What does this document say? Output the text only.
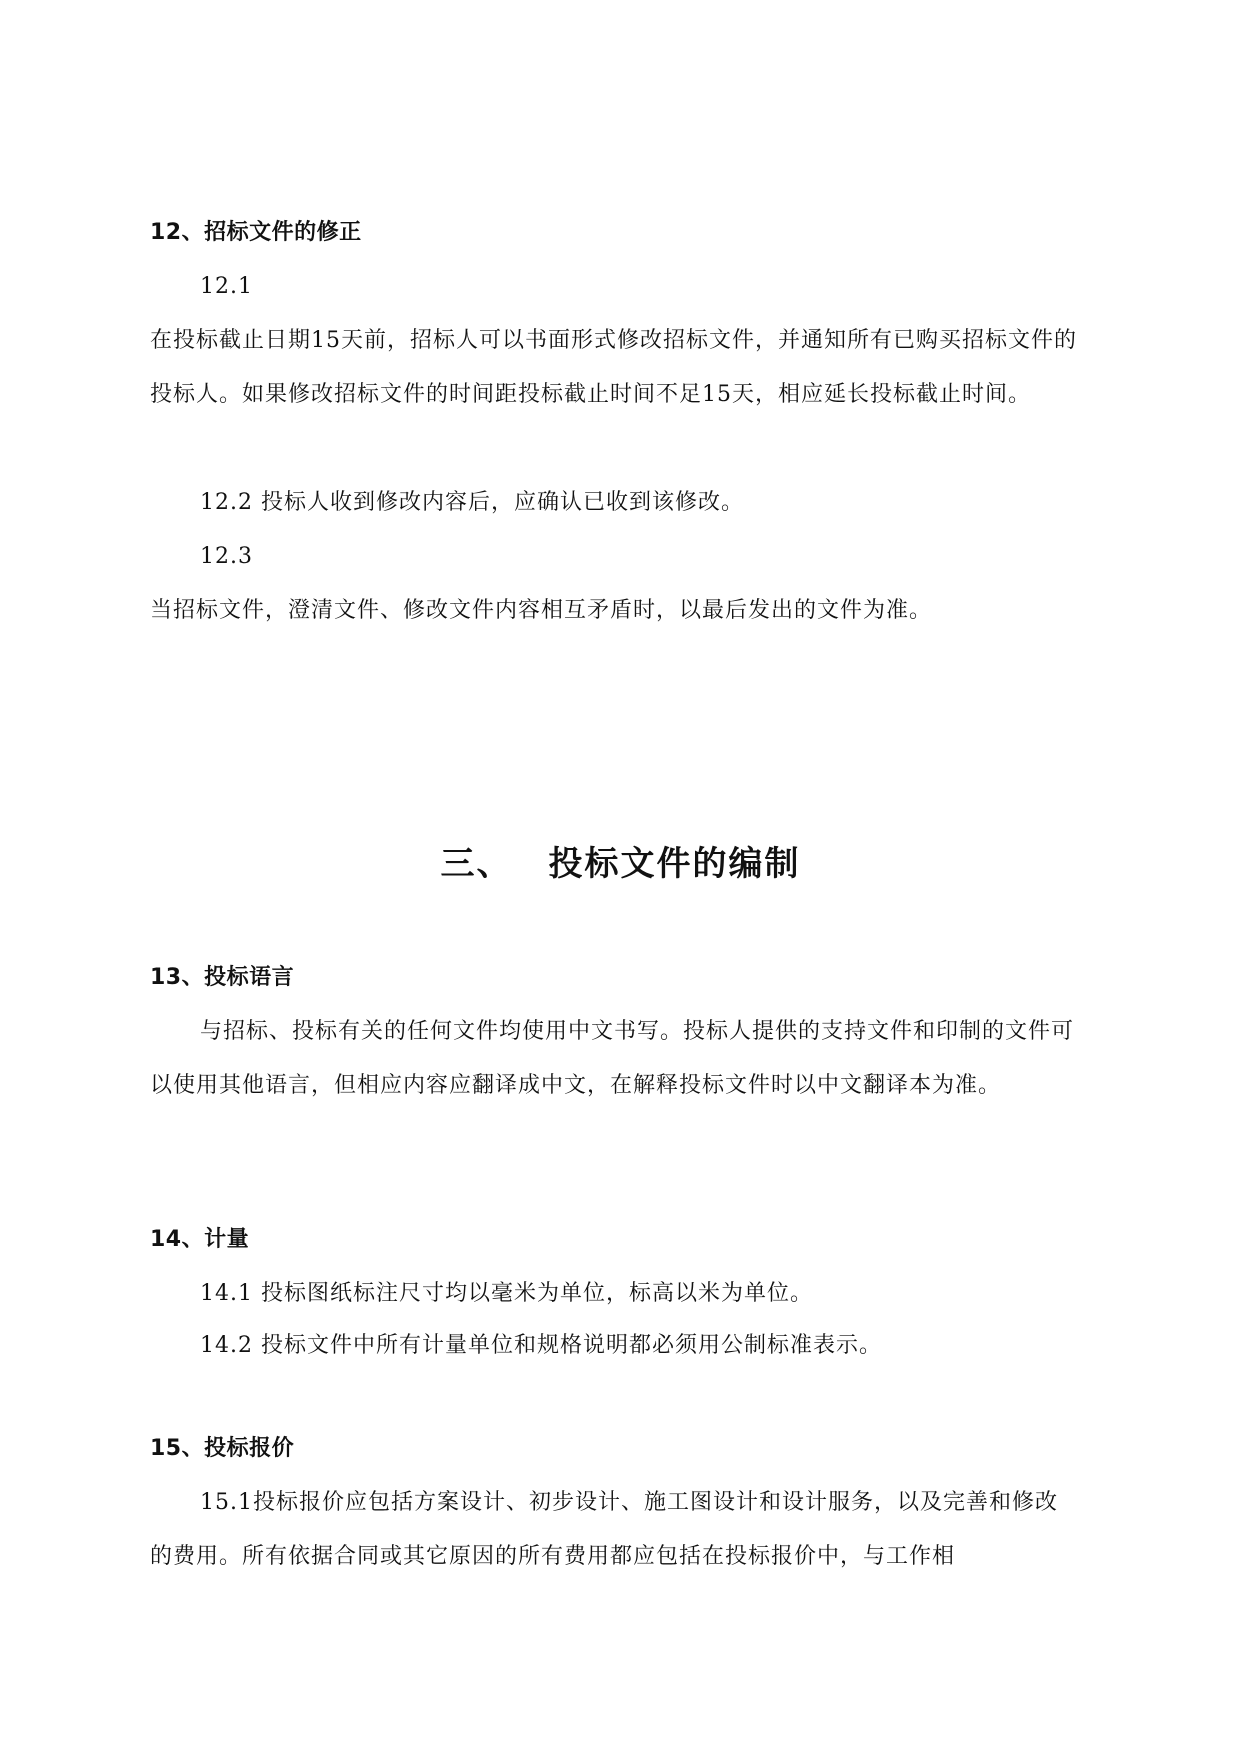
12、招标文件的修正

12.1

在投标截止日期15天前，招标人可以书面形式修改招标文件，并通知所有已购买招标文件的投标人。如果修改招标文件的时间距投标截止时间不足15天，相应延长投标截止时间。

12.2 投标人收到修改内容后，应确认已收到该修改。

12.3

当招标文件，澄清文件、修改文件内容相互矛盾时，以最后发出的文件为准。

三、 投标文件的编制
13、投标语言

与招标、投标有关的任何文件均使用中文书写。投标人提供的支持文件和印制的文件可以使用其他语言，但相应内容应翻译成中文，在解释投标文件时以中文翻译本为准。

14、计量

14.1 投标图纸标注尺寸均以毫米为单位，标高以米为单位。

14.2 投标文件中所有计量单位和规格说明都必须用公制标准表示。

15、投标报价

15.1投标报价应包括方案设计、初步设计、施工图设计和设计服务，以及完善和修改的费用。所有依据合同或其它原因的所有费用都应包括在投标报价中，与工作相
